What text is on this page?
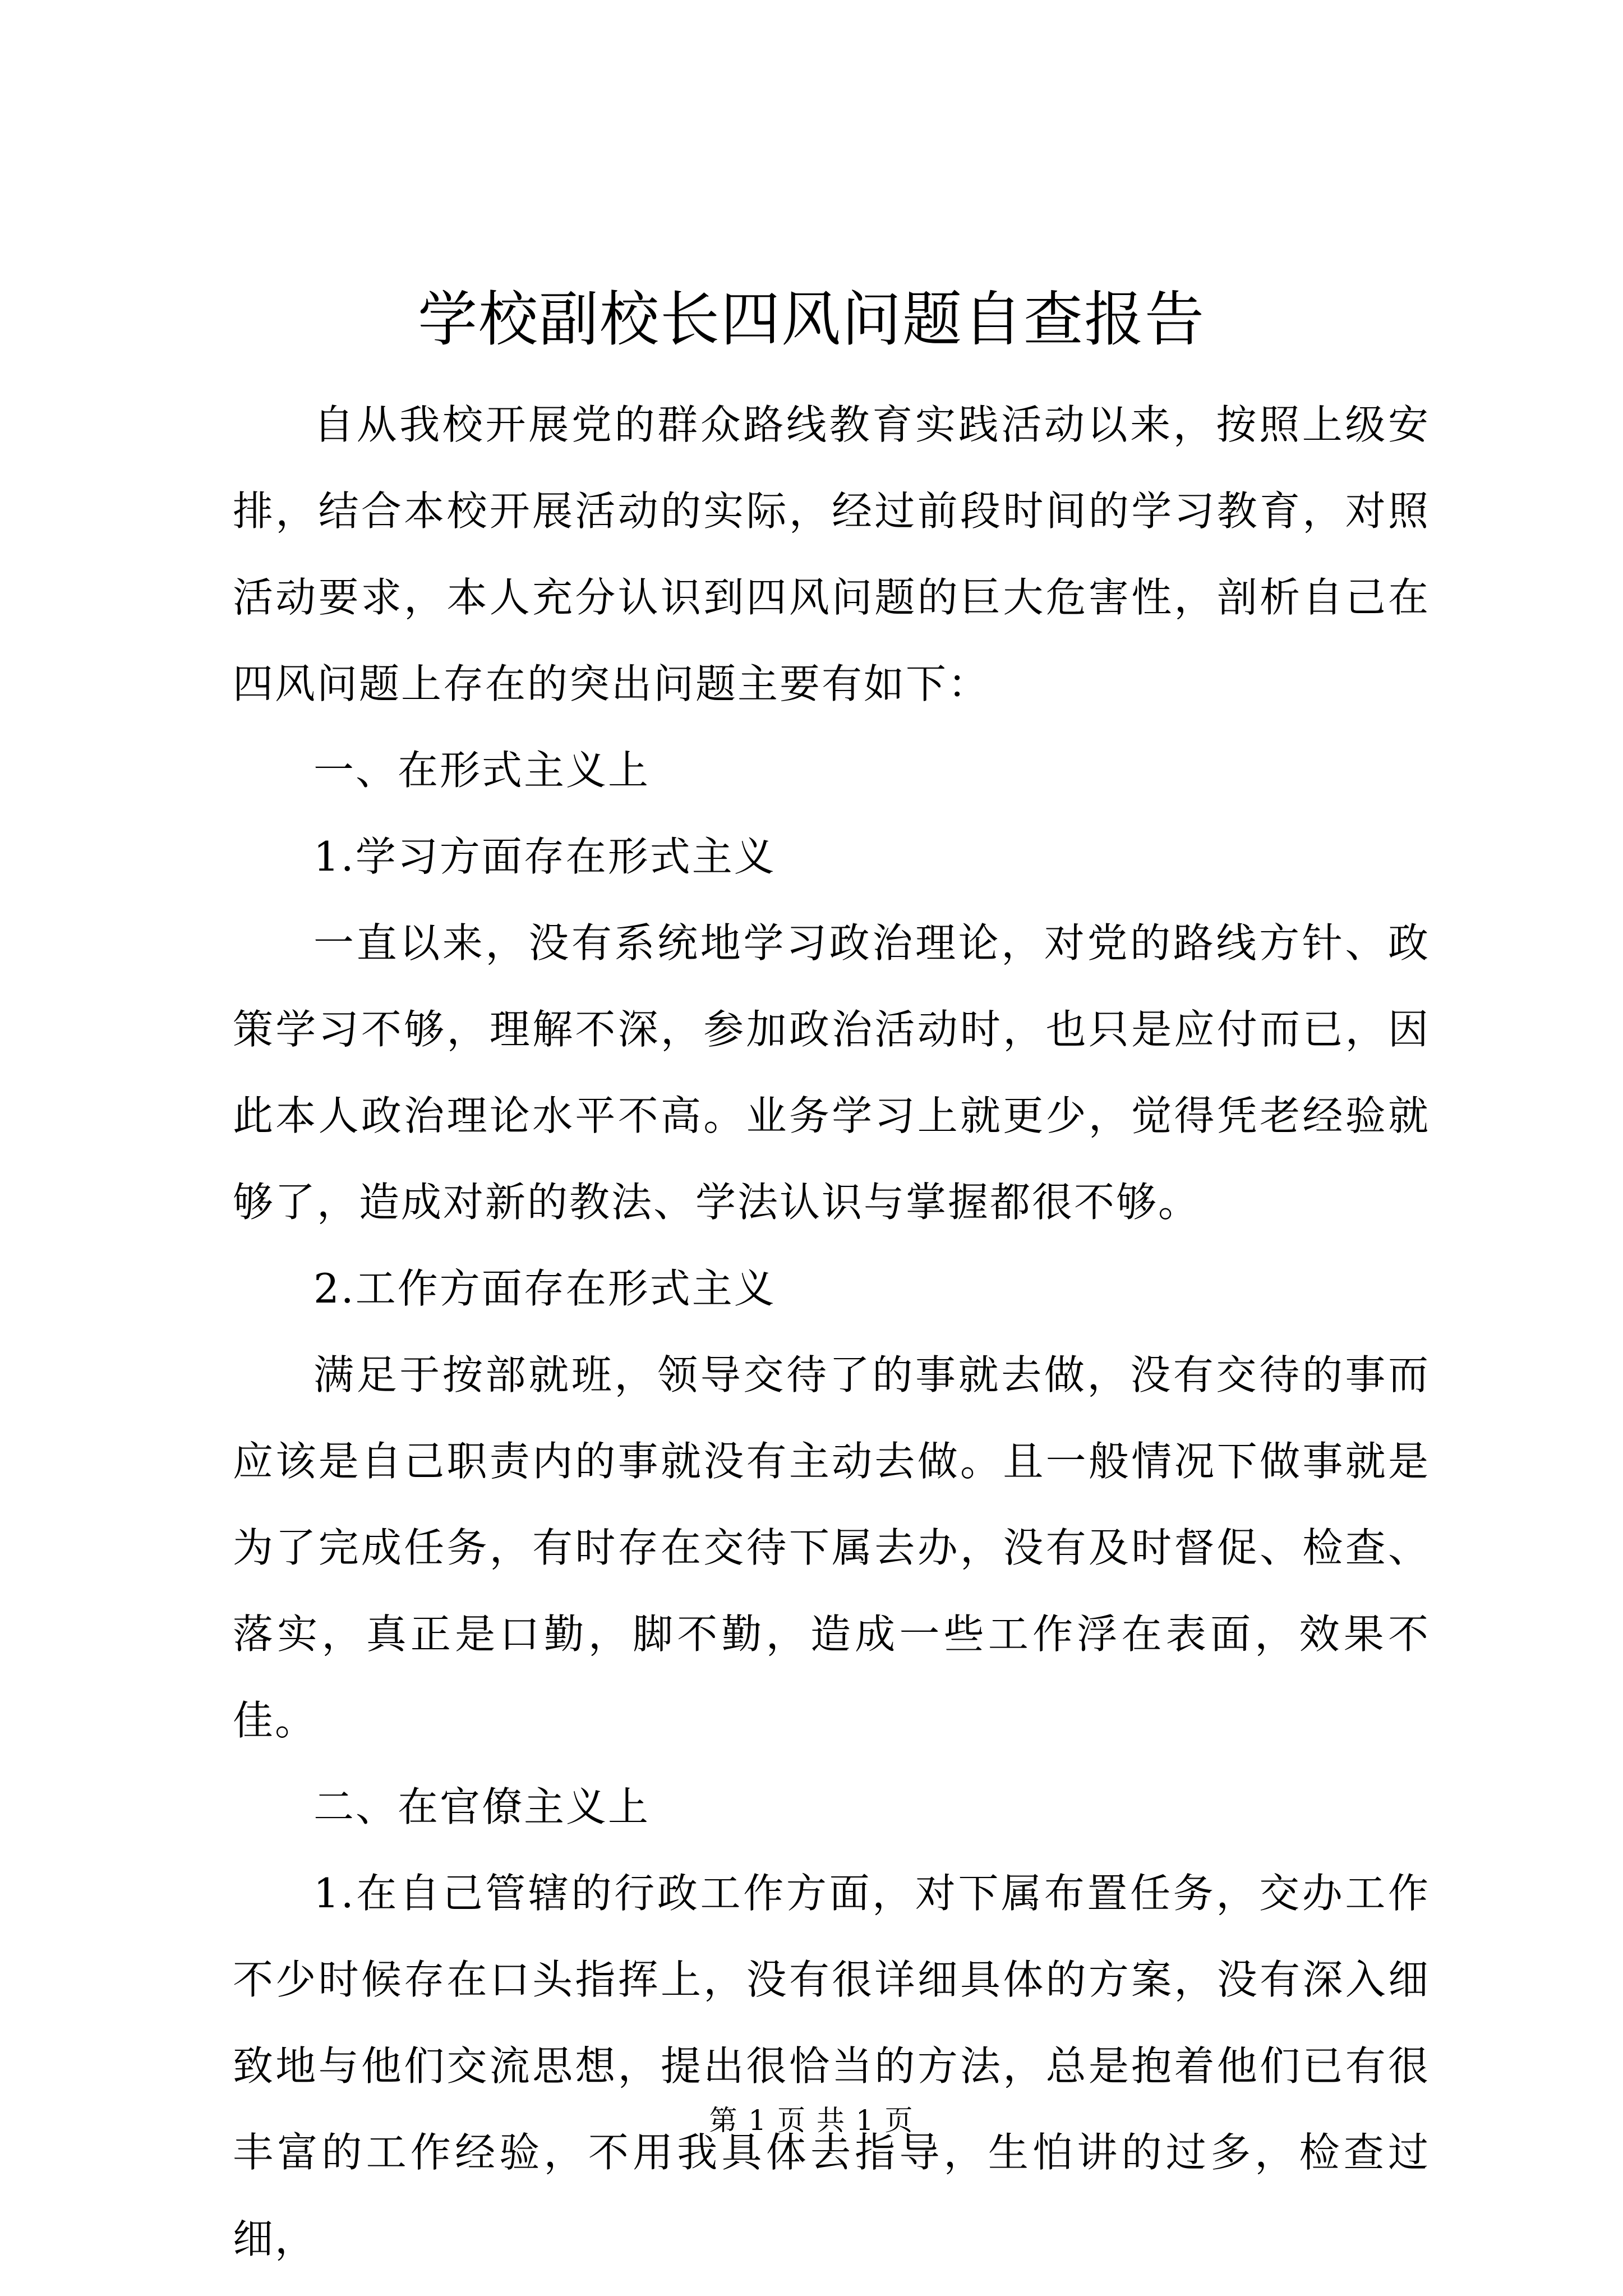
学校副校长四风问题自查报告

自从我校开展党的群众路线教育实践活动以来，按照上级安排，结合本校开展活动的实际，经过前段时间的学习教育，对照活动要求，本人充分认识到四风问题的巨大危害性，剖析自己在四风问题上存在的突出问题主要有如下：

一、在形式主义上

1.学习方面存在形式主义

一直以来，没有系统地学习政治理论，对党的路线方针、政策学习不够，理解不深，参加政治活动时，也只是应付而已，因此本人政治理论水平不高。业务学习上就更少，觉得凭老经验就够了，造成对新的教法、学法认识与掌握都很不够。

2.工作方面存在形式主义

满足于按部就班，领导交待了的事就去做，没有交待的事而应该是自己职责内的事就没有主动去做。且一般情况下做事就是为了完成任务，有时存在交待下属去办，没有及时督促、检查、落实，真正是口勤，脚不勤，造成一些工作浮在表面，效果不佳。

二、在官僚主义上

1.在自己管辖的行政工作方面，对下属布置任务，交办工作不少时候存在口头指挥上，没有很详细具体的方案，没有深入细致地与他们交流思想，提出很恰当的方法，总是抱着他们已有很丰富的工作经验，不用我具体去指导，生怕讲的过多，检查过细，

第 1 页 共 1 页
